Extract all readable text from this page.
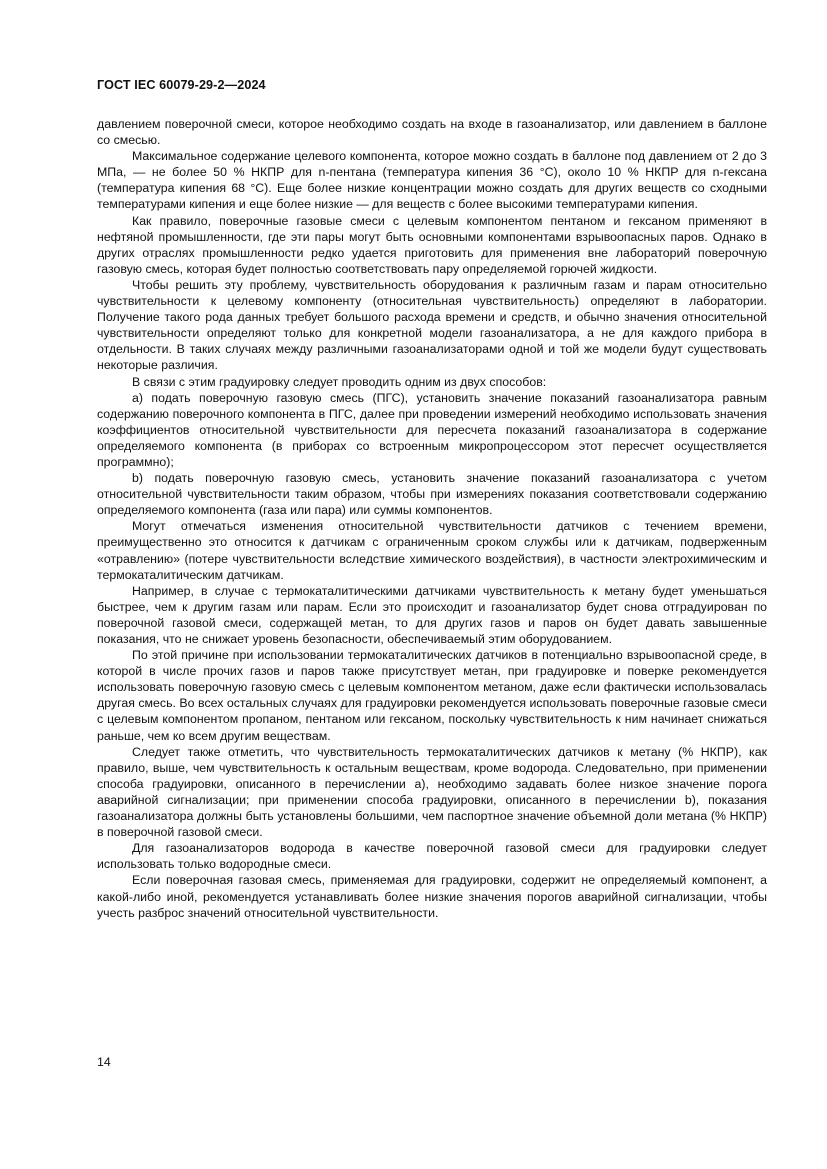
ГОСТ IEC 60079-29-2—2024

давлением поверочной смеси, которое необходимо создать на входе в газоанализатор, или давлением в баллоне со смесью.

Максимальное содержание целевого компонента, которое можно создать в баллоне под давлением от 2 до 3 МПа, — не более 50 % НКПР для n-пентана (температура кипения 36 °С), около 10 % НКПР для n-гексана (температура кипения 68 °С). Еще более низкие концентрации можно создать для других веществ со сходными температурами кипения и еще более низкие — для веществ с более высокими температурами кипения.

Как правило, поверочные газовые смеси с целевым компонентом пентаном и гексаном применяют в нефтяной промышленности, где эти пары могут быть основными компонентами взрывоопасных паров. Однако в других отраслях промышленности редко удается приготовить для применения вне лабораторий поверочную газовую смесь, которая будет полностью соответствовать пару определяемой горючей жидкости.

Чтобы решить эту проблему, чувствительность оборудования к различным газам и парам относительно чувствительности к целевому компоненту (относительная чувствительность) определяют в лаборатории. Получение такого рода данных требует большого расхода времени и средств, и обычно значения относительной чувствительности определяют только для конкретной модели газоанализатора, а не для каждого прибора в отдельности. В таких случаях между различными газоанализаторами одной и той же модели будут существовать некоторые различия.

В связи с этим градуировку следует проводить одним из двух способов:

а) подать поверочную газовую смесь (ПГС), установить значение показаний газоанализатора равным содержанию поверочного компонента в ПГС, далее при проведении измерений необходимо использовать значения коэффициентов относительной чувствительности для пересчета показаний газоанализатора в содержание определяемого компонента (в приборах со встроенным микропроцессором этот пересчет осуществляется программно);

b) подать поверочную газовую смесь, установить значение показаний газоанализатора с учетом относительной чувствительности таким образом, чтобы при измерениях показания соответствовали содержанию определяемого компонента (газа или пара) или суммы компонентов.

Могут отмечаться изменения относительной чувствительности датчиков с течением времени, преимущественно это относится к датчикам с ограниченным сроком службы или к датчикам, подверженным «отравлению» (потере чувствительности вследствие химического воздействия), в частности электрохимическим и термокаталитическим датчикам.

Например, в случае с термокаталитическими датчиками чувствительность к метану будет уменьшаться быстрее, чем к другим газам или парам. Если это происходит и газоанализатор будет снова отградуирован по поверочной газовой смеси, содержащей метан, то для других газов и паров он будет давать завышенные показания, что не снижает уровень безопасности, обеспечиваемый этим оборудованием.

По этой причине при использовании термокаталитических датчиков в потенциально взрывоопасной среде, в которой в числе прочих газов и паров также присутствует метан, при градуировке и поверке рекомендуется использовать поверочную газовую смесь с целевым компонентом метаном, даже если фактически использовалась другая смесь. Во всех остальных случаях для градуировки рекомендуется использовать поверочные газовые смеси с целевым компонентом пропаном, пентаном или гексаном, поскольку чувствительность к ним начинает снижаться раньше, чем ко всем другим веществам.

Следует также отметить, что чувствительность термокаталитических датчиков к метану (% НКПР), как правило, выше, чем чувствительность к остальным веществам, кроме водорода. Следовательно, при применении способа градуировки, описанного в перечислении а), необходимо задавать более низкое значение порога аварийной сигнализации; при применении способа градуировки, описанного в перечислении b), показания газоанализатора должны быть установлены большими, чем паспортное значение объемной доли метана (% НКПР) в поверочной газовой смеси.

Для газоанализаторов водорода в качестве поверочной газовой смеси для градуировки следует использовать только водородные смеси.

Если поверочная газовая смесь, применяемая для градуировки, содержит не определяемый компонент, а какой-либо иной, рекомендуется устанавливать более низкие значения порогов аварийной сигнализации, чтобы учесть разброс значений относительной чувствительности.

14
